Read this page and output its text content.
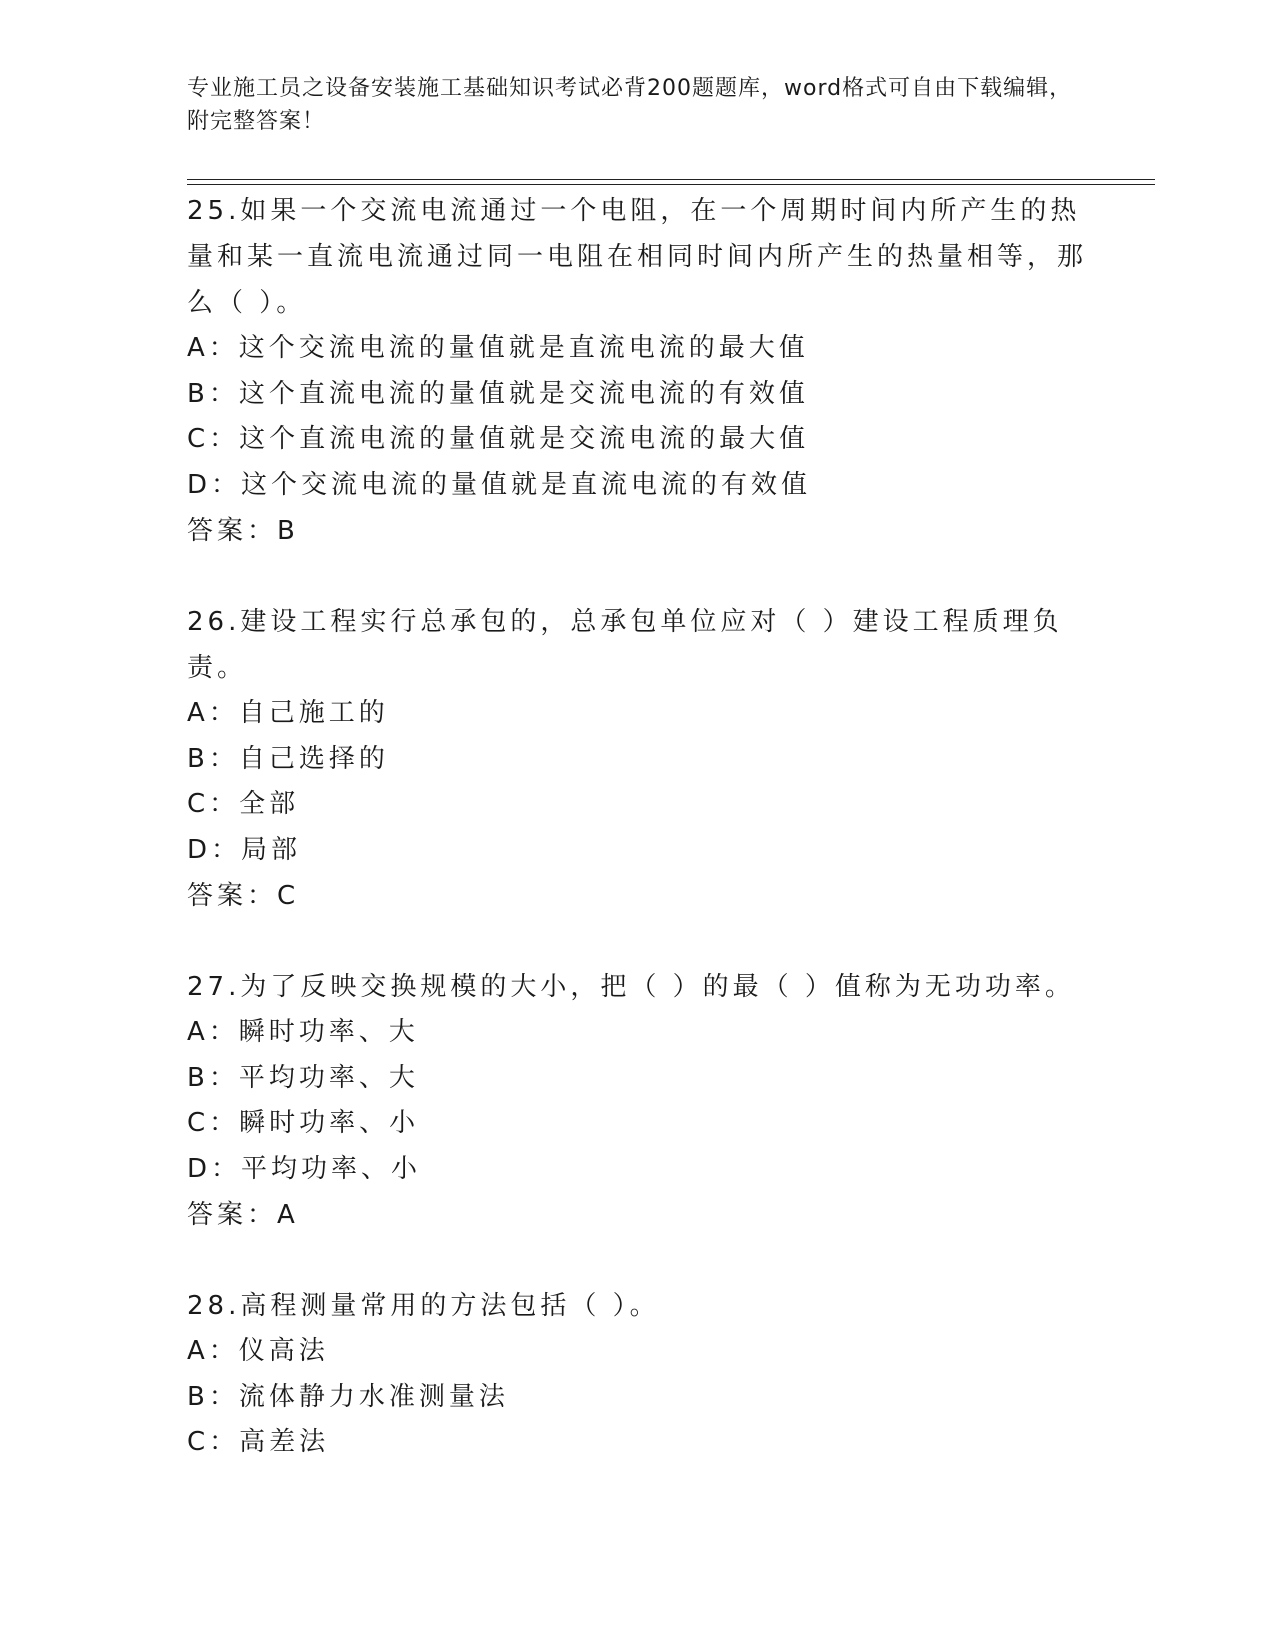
专业施工员之设备安装施工基础知识考试必背200题题库，word格式可自由下载编辑，附完整答案！
25.如果一个交流电流通过一个电阻，在一个周期时间内所产生的热量和某一直流电流通过同一电阻在相同时间内所产生的热量相等，那么（ ）。
A：这个交流电流的量值就是直流电流的最大值
B：这个直流电流的量值就是交流电流的有效值
C：这个直流电流的量值就是交流电流的最大值
D：这个交流电流的量值就是直流电流的有效值
答案：B
26.建设工程实行总承包的，总承包单位应对（ ）建设工程质理负责。
A：自己施工的
B：自己选择的
C：全部
D：局部
答案：C
27.为了反映交换规模的大小，把（ ）的最（ ）值称为无功功率。
A：瞬时功率、大
B：平均功率、大
C：瞬时功率、小
D：平均功率、小
答案：A
28.高程测量常用的方法包括（ ）。
A：仪高法
B：流体静力水准测量法
C：高差法
